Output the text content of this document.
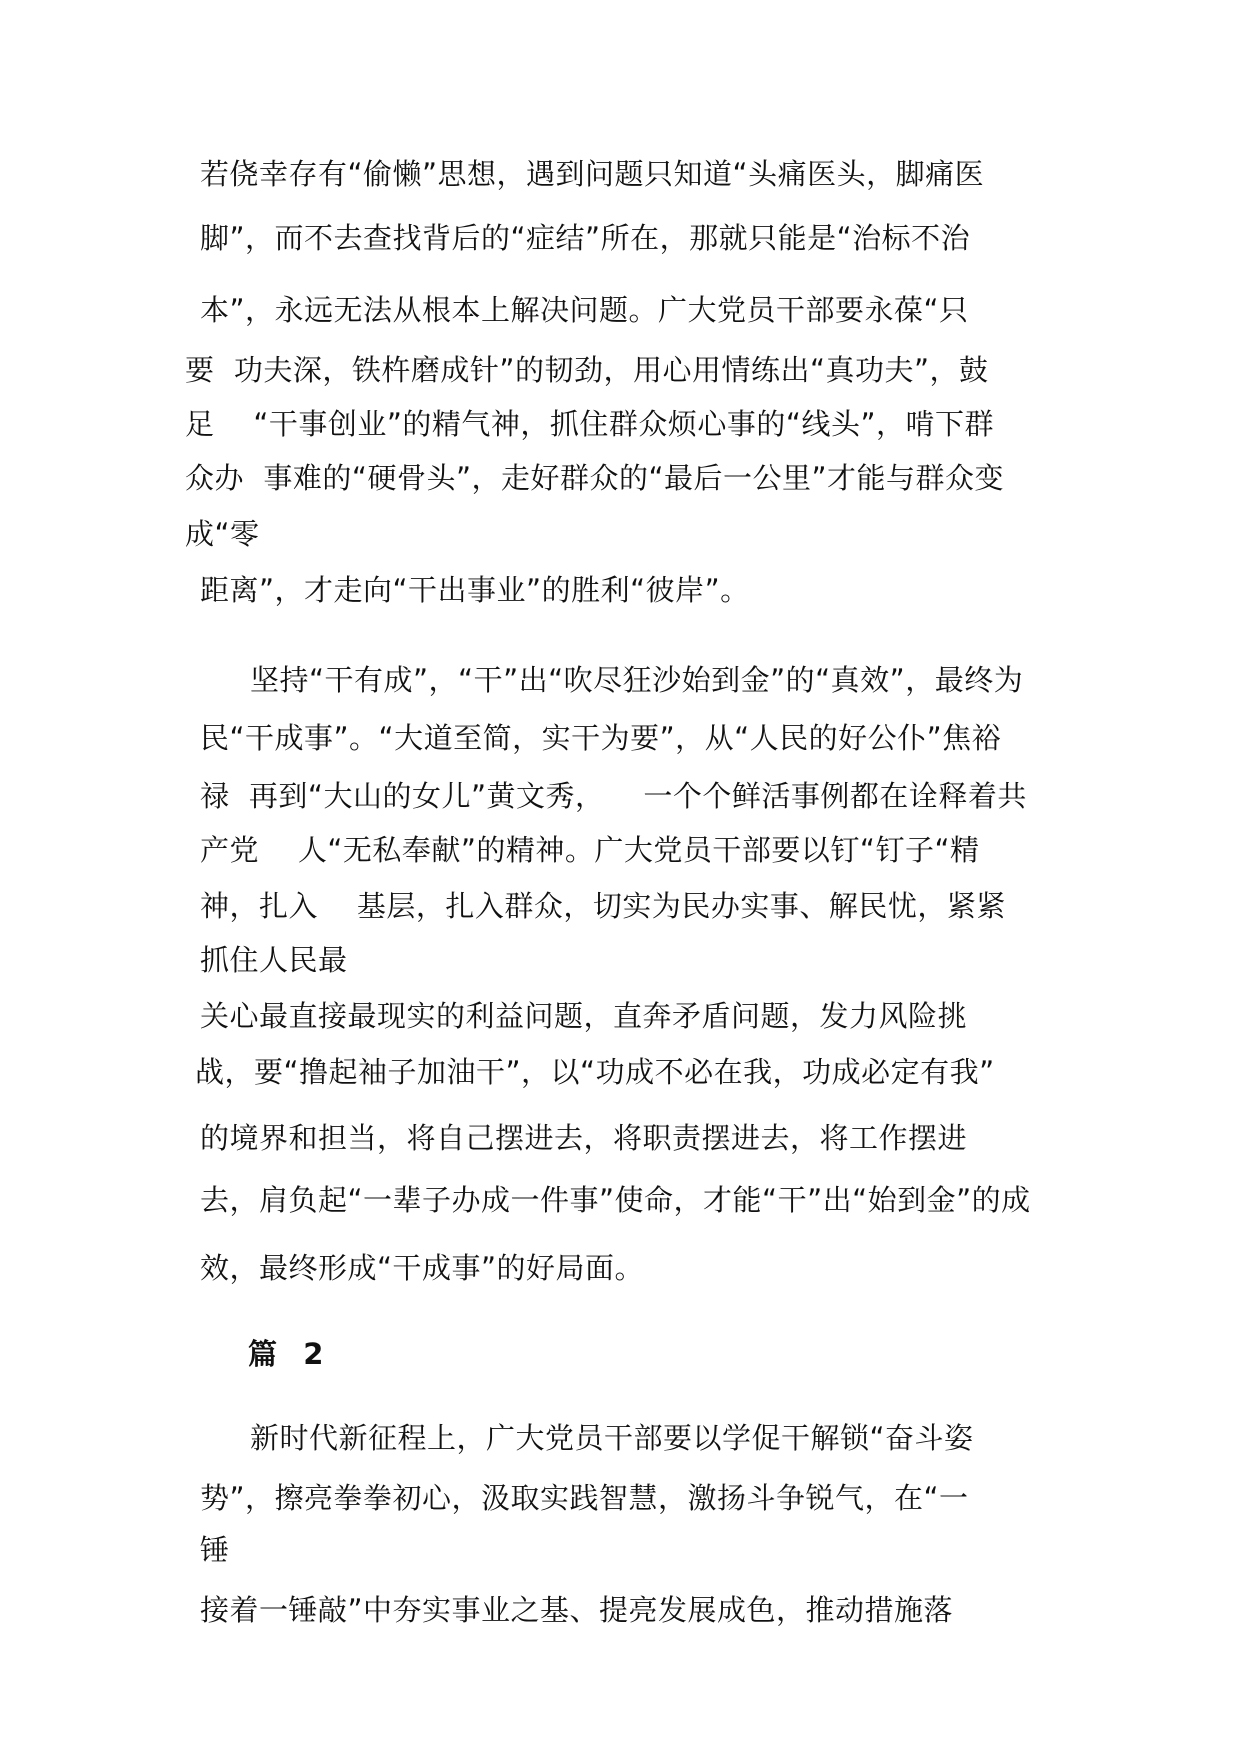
若侥幸存有“偷懒”思想，遇到问题只知道“头痛医头，脚痛医
脚”，而不去查找背后的“症结”所在，那就只能是“治标不治
本”，永远无法从根本上解决问题。广大党员干部要永葆“只
要  功夫深，铁杵磨成针”的韧劲，用心用情练出“真功夫”，鼓
足    “干事创业”的精气神，抓住群众烦心事的“线头”，啃下群
众办  事难的“硬骨头”，走好群众的“最后一公里”才能与群众变
成“零
距离”，才走向“干出事业”的胜利“彼岸”。
坚持“干有成”，“干”出“吹尽狂沙始到金”的“真效”，最终为
民“干成事”。“大道至简，实干为要”，从“人民的好公仆”焦裕
禄  再到“大山的女儿”黄文秀，    一个个鲜活事例都在诠释着共
产党    人“无私奉献”的精神。广大党员干部要以钉“钉子“精
神，扎入    基层，扎入群众，切实为民办实事、解民忧，紧紧
抓住人民最
关心最直接最现实的利益问题，直奔矛盾问题，发力风险挑
战，要“撸起袖子加油干”，以“功成不必在我，功成必定有我”
的境界和担当，将自己摆进去，将职责摆进去，将工作摆进
去，肩负起“一辈子办成一件事”使命，才能“干”出“始到金”的成
效，最终形成“干成事”的好局面。
篇  2
新时代新征程上，广大党员干部要以学促干解锁“奋斗姿
势”，擦亮拳拳初心，汲取实践智慧，激扬斗争锐气，在“一
锤
接着一锤敲”中夯实事业之基、提亮发展成色，推动措施落
